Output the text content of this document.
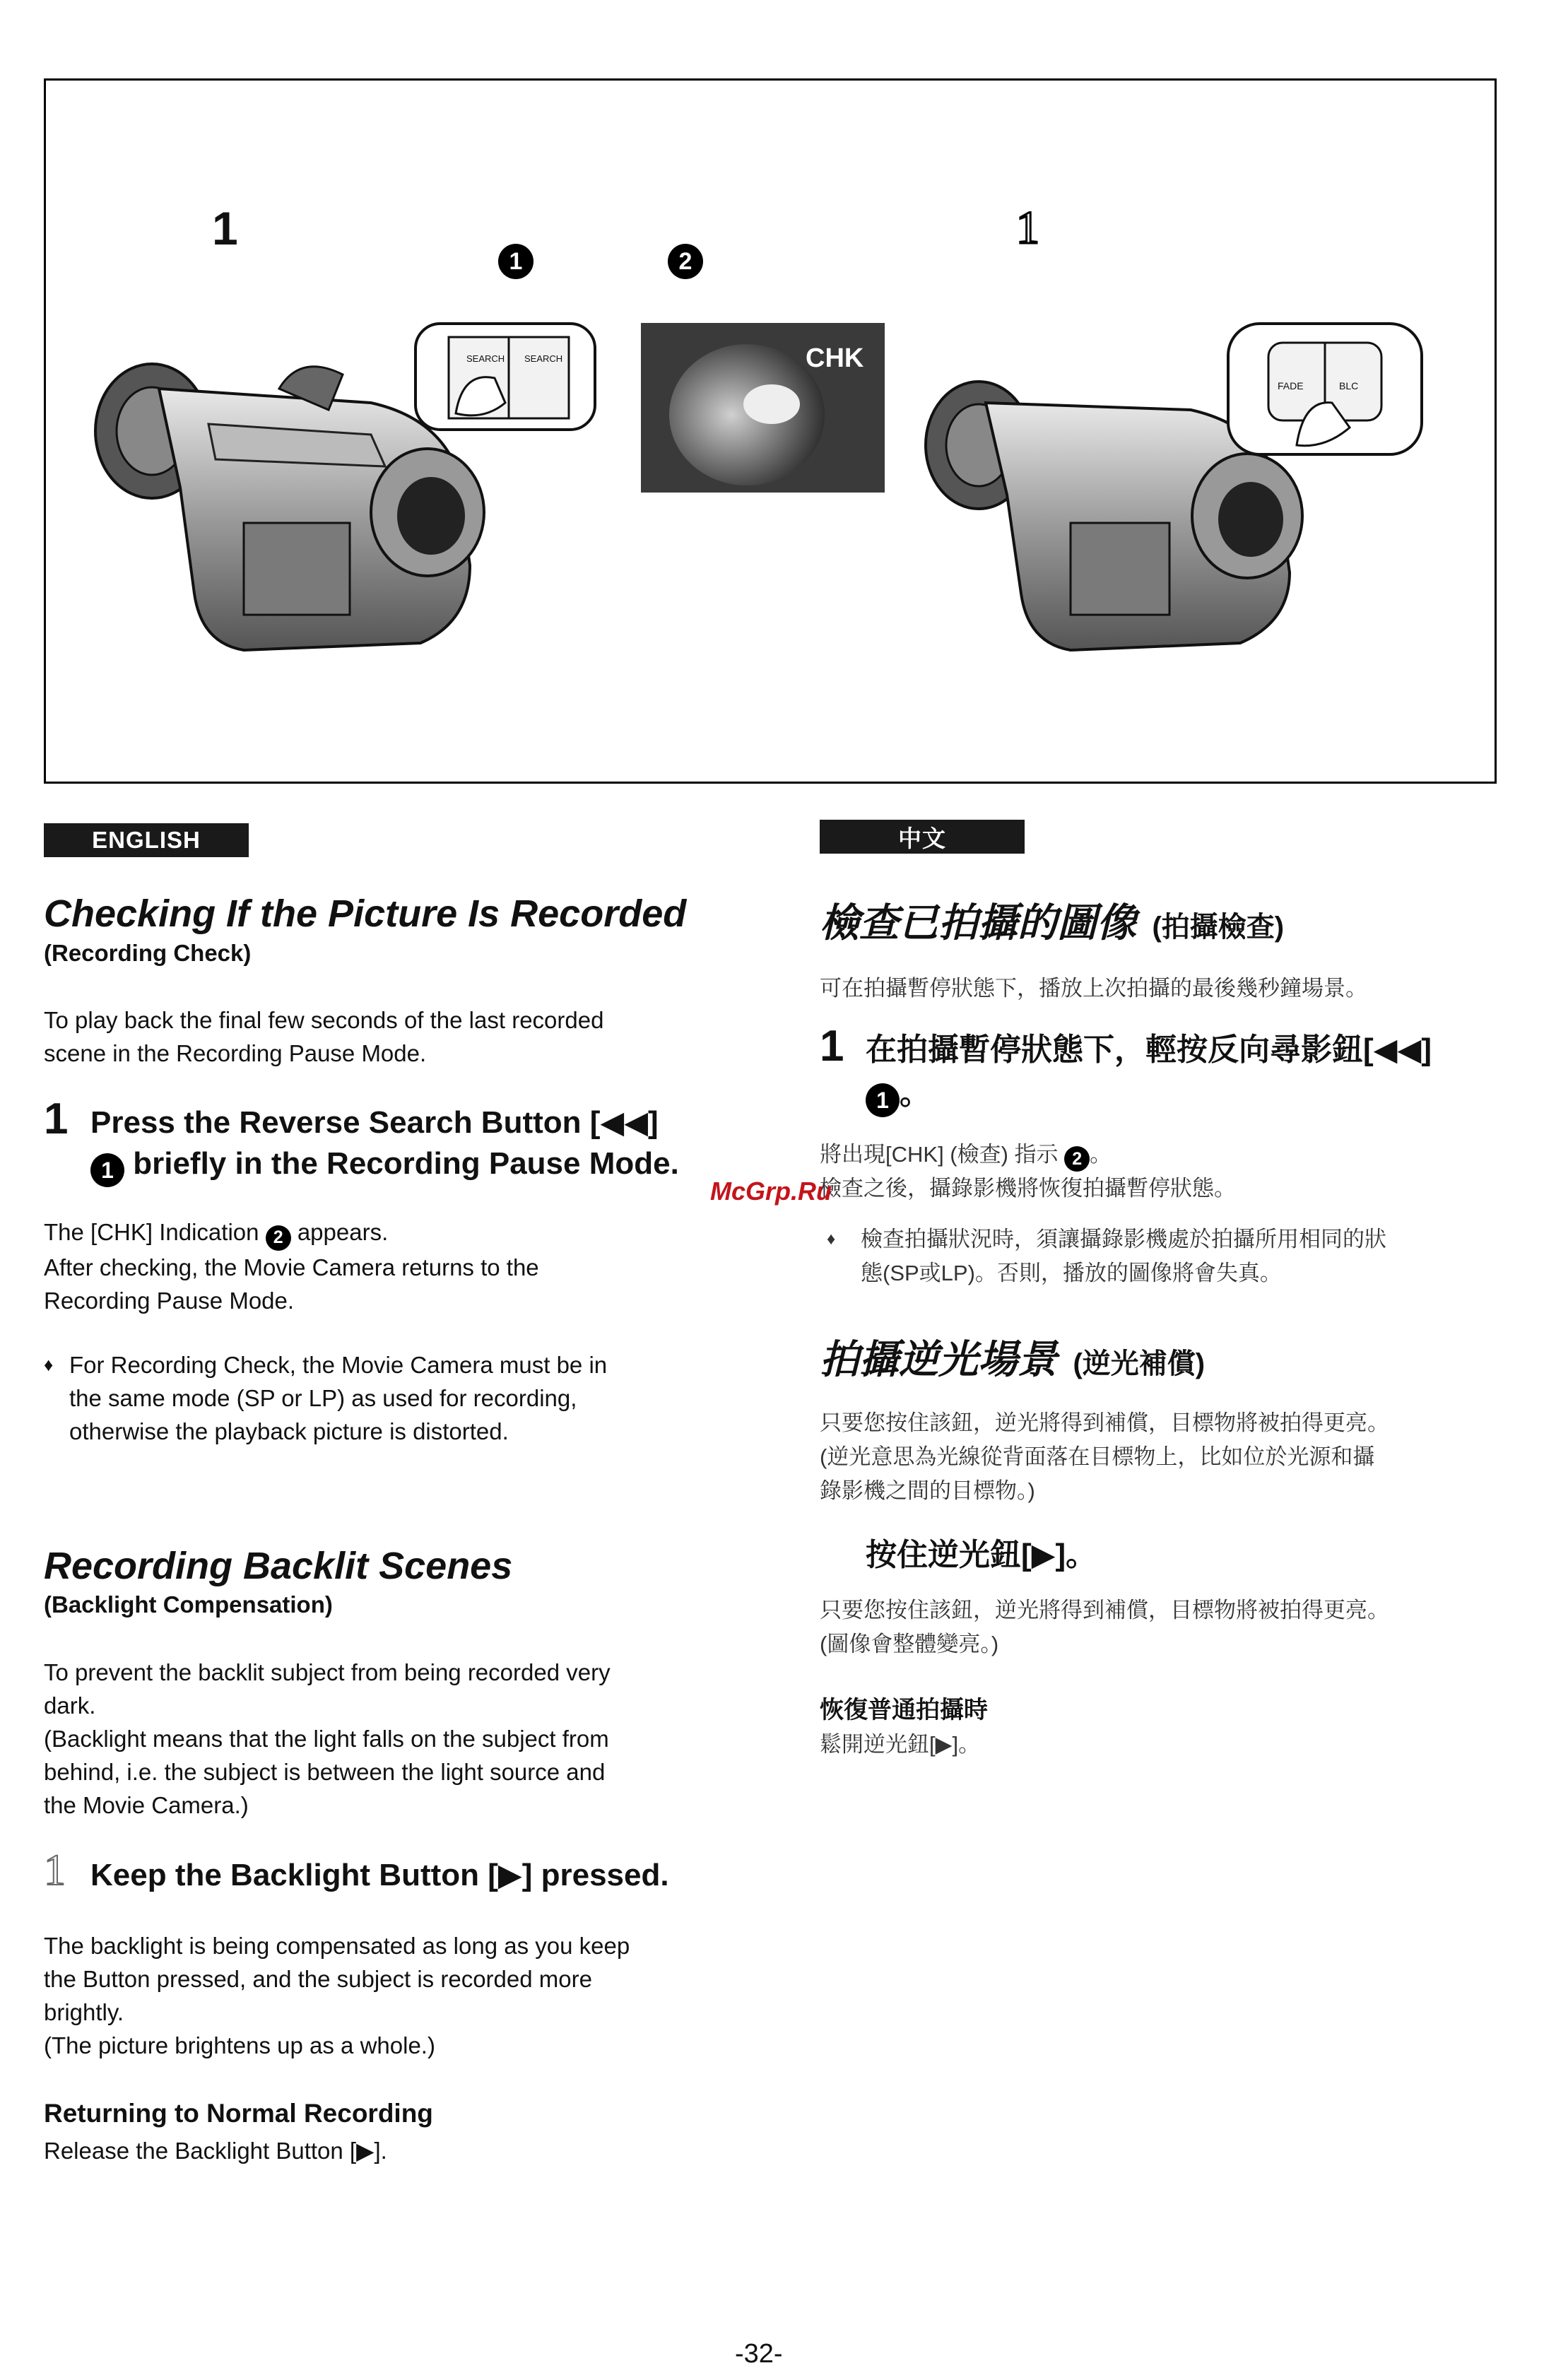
1	1
1	2
SEARCH SEARCH	CHK
FADE	BLC
ENGLISH
Checking If the Picture Is Recorded
(Recording Check)
To play back the final few seconds of the last recorded
scene in the Recording Pause Mode.
1 Press the Reverse Search Button [◀◀]
1 briefly in the Recording Pause Mode.
The [CHK] Indication 2 appears.
After checking, the Movie Camera returns to the
Recording Pause Mode.
♦ For Recording Check, the Movie Camera must be in
the same mode (SP or LP) as used for recording,
otherwise the playback picture is distorted.
Recording Backlit Scenes
(Backlight Compensation)
To prevent the backlit subject from being recorded very
dark.
(Backlight means that the light falls on the subject from
behind, i.e. the subject is between the light source and
the Movie Camera.)
1 Keep the Backlight Button [▶] pressed.
The backlight is being compensated as long as you keep
the Button pressed, and the subject is recorded more
brightly.
(The picture brightens up as a whole.)
Returning to Normal Recording
Release the Backlight Button [▶].
中文
檢查已拍攝的圖像 (拍攝檢查)
可在拍攝暫停狀態下，播放上次拍攝的最後幾秒鐘場景。
1 在拍攝暫停狀態下，輕按反向尋影鈕[◀◀]
1 。
將出現[CHK] (檢查) 指示 2 。
檢查之後，攝錄影機將恢復拍攝暫停狀態。
♦ 檢查拍攝狀況時，須讓攝錄影機處於拍攝所用相同的狀
態(SP或LP)。否則，播放的圖像將會失真。
拍攝逆光場景 (逆光補償)
只要您按住該鈕，逆光將得到補償，目標物將被拍得更亮。
(逆光意思為光線從背面落在目標物上，比如位於光源和攝
錄影機之間的目標物。)
按住逆光鈕[▶]。
只要您按住該鈕，逆光將得到補償，目標物將被拍得更亮。
(圖像會整體變亮。)
恢復普通拍攝時
鬆開逆光鈕[▶]。
McGrp.Ru
-32-
